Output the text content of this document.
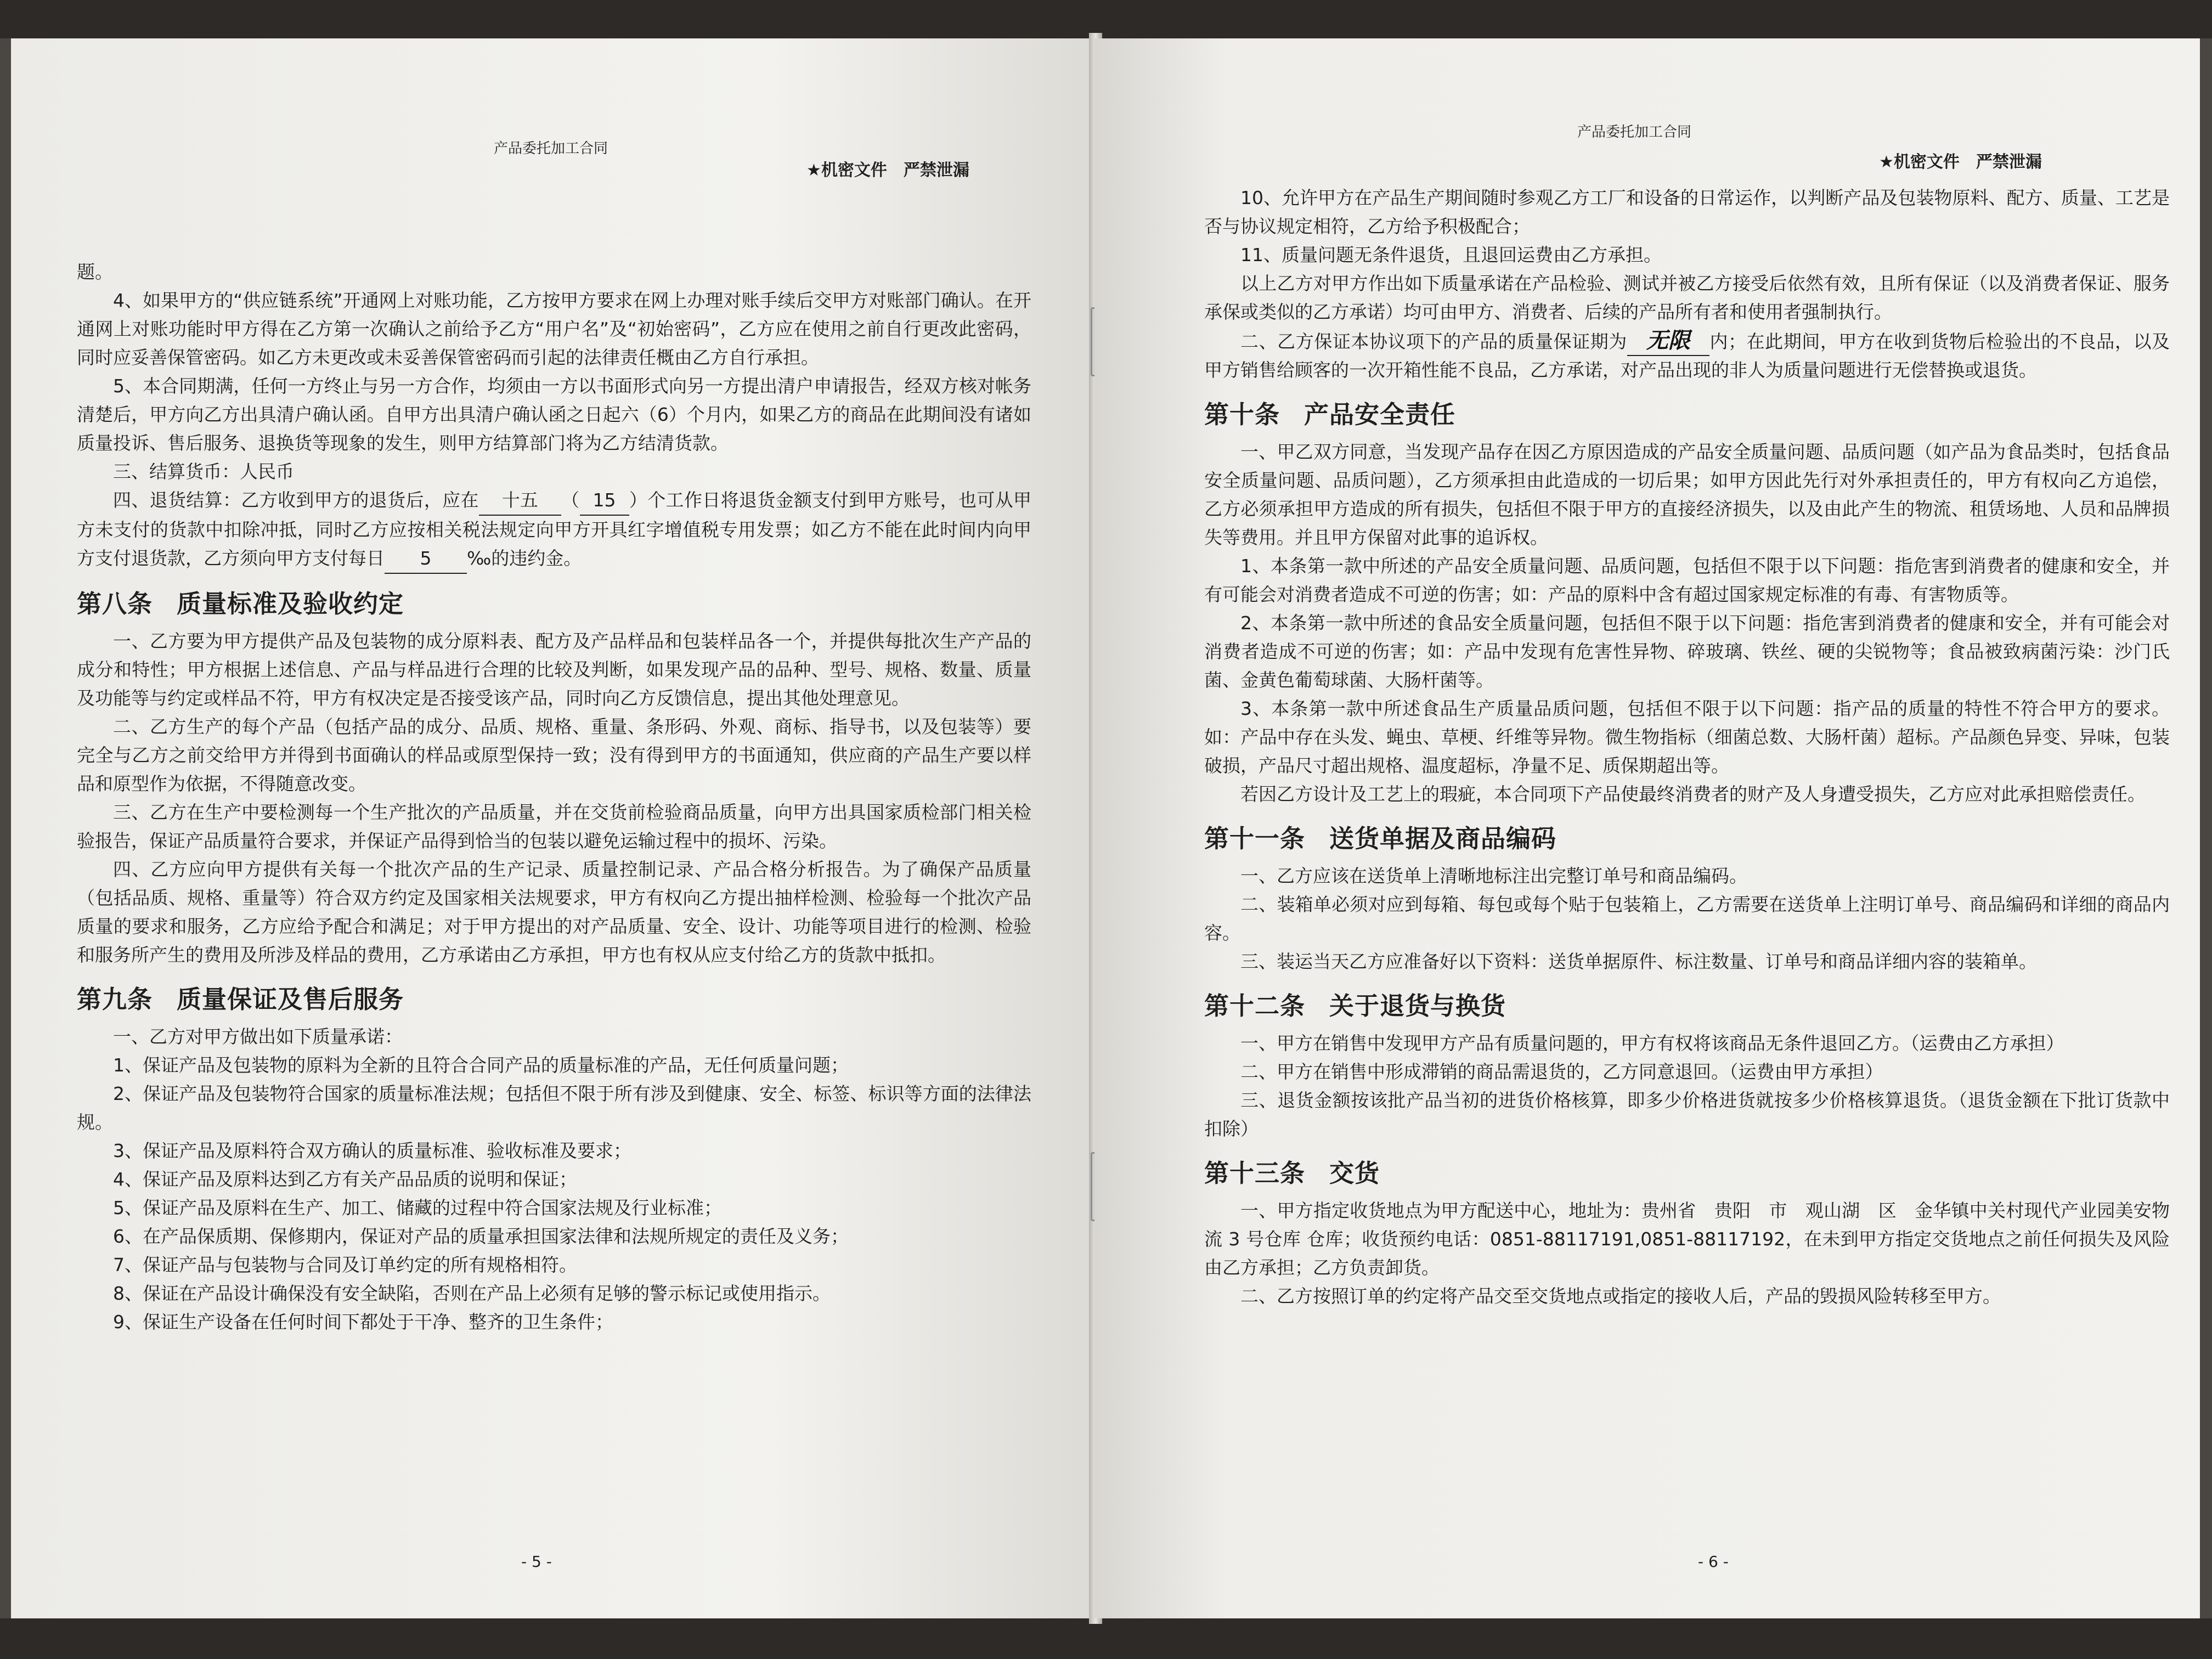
产品委托加工合同
★机密文件　严禁泄漏

题。

4、如果甲方的“供应链系统”开通网上对账功能，乙方按甲方要求在网上办理对账手续后交甲方对账部门确认。在开通网上对账功能时甲方得在乙方第一次确认之前给予乙方“用户名”及“初始密码”，乙方应在使用之前自行更改此密码，同时应妥善保管密码。如乙方未更改或未妥善保管密码而引起的法律责任概由乙方自行承担。

5、本合同期满，任何一方终止与另一方合作，均须由一方以书面形式向另一方提出清户申请报告，经双方核对帐务清楚后，甲方向乙方出具清户确认函。自甲方出具清户确认函之日起六（6）个月内，如果乙方的商品在此期间没有诸如质量投诉、售后服务、退换货等现象的发生，则甲方结算部门将为乙方结清货款。

三、结算货币：人民币

四、退货结算：乙方收到甲方的退货后，应在 十五 （ 15 ）个工作日将退货金额支付到甲方账号，也可从甲方未支付的货款中扣除冲抵，同时乙方应按相关税法规定向甲方开具红字增值税专用发票；如乙方不能在此时间内向甲方支付退货款，乙方须向甲方支付每日 5 ‰的违约金。

第八条 质量标准及验收约定

一、乙方要为甲方提供产品及包装物的成分原料表、配方及产品样品和包装样品各一个，并提供每批次生产产品的成分和特性；甲方根据上述信息、产品与样品进行合理的比较及判断，如果发现产品的品种、型号、规格、数量、质量及功能等与约定或样品不符，甲方有权决定是否接受该产品，同时向乙方反馈信息，提出其他处理意见。

二、乙方生产的每个产品（包括产品的成分、品质、规格、重量、条形码、外观、商标、指导书，以及包装等）要完全与乙方之前交给甲方并得到书面确认的样品或原型保持一致；没有得到甲方的书面通知，供应商的产品生产要以样品和原型作为依据，不得随意改变。

三、乙方在生产中要检测每一个生产批次的产品质量，并在交货前检验商品质量，向甲方出具国家质检部门相关检验报告，保证产品质量符合要求，并保证产品得到恰当的包装以避免运输过程中的损坏、污染。

四、乙方应向甲方提供有关每一个批次产品的生产记录、质量控制记录、产品合格分析报告。为了确保产品质量（包括品质、规格、重量等）符合双方约定及国家相关法规要求，甲方有权向乙方提出抽样检测、检验每一个批次产品质量的要求和服务，乙方应给予配合和满足；对于甲方提出的对产品质量、安全、设计、功能等项目进行的检测、检验和服务所产生的费用及所涉及样品的费用，乙方承诺由乙方承担，甲方也有权从应支付给乙方的货款中抵扣。

第九条 质量保证及售后服务

一、乙方对甲方做出如下质量承诺：

1、保证产品及包装物的原料为全新的且符合合同产品的质量标准的产品，无任何质量问题；

2、保证产品及包装物符合国家的质量标准法规；包括但不限于所有涉及到健康、安全、标签、标识等方面的法律法规。

3、保证产品及原料符合双方确认的质量标准、验收标准及要求；

4、保证产品及原料达到乙方有关产品品质的说明和保证；

5、保证产品及原料在生产、加工、储藏的过程中符合国家法规及行业标准；

6、在产品保质期、保修期内，保证对产品的质量承担国家法律和法规所规定的责任及义务；

7、保证产品与包装物与合同及订单约定的所有规格相符。

8、保证在产品设计确保没有安全缺陷，否则在产品上必须有足够的警示标记或使用指示。

9、保证生产设备在任何时间下都处于干净、整齐的卫生条件；

- 5 -
产品委托加工合同
★机密文件　严禁泄漏

10、允许甲方在产品生产期间随时参观乙方工厂和设备的日常运作，以判断产品及包装物原料、配方、质量、工艺是否与协议规定相符，乙方给予积极配合；

11、质量问题无条件退货，且退回运费由乙方承担。

以上乙方对甲方作出如下质量承诺在产品检验、测试并被乙方接受后依然有效，且所有保证（以及消费者保证、服务承保或类似的乙方承诺）均可由甲方、消费者、后续的产品所有者和使用者强制执行。

二、乙方保证本协议项下的产品的质量保证期为 无限 内；在此期间，甲方在收到货物后检验出的不良品，以及甲方销售给顾客的一次开箱性能不良品，乙方承诺，对产品出现的非人为质量问题进行无偿替换或退货。

第十条 产品安全责任

一、甲乙双方同意，当发现产品存在因乙方原因造成的产品安全质量问题、品质问题（如产品为食品类时，包括食品安全质量问题、品质问题），乙方须承担由此造成的一切后果；如甲方因此先行对外承担责任的，甲方有权向乙方追偿，乙方必须承担甲方造成的所有损失，包括但不限于甲方的直接经济损失，以及由此产生的物流、租赁场地、人员和品牌损失等费用。并且甲方保留对此事的追诉权。

1、本条第一款中所述的产品安全质量问题、品质问题，包括但不限于以下问题：指危害到消费者的健康和安全，并有可能会对消费者造成不可逆的伤害；如：产品的原料中含有超过国家规定标准的有毒、有害物质等。

2、本条第一款中所述的食品安全质量问题，包括但不限于以下问题：指危害到消费者的健康和安全，并有可能会对消费者造成不可逆的伤害；如：产品中发现有危害性异物、碎玻璃、铁丝、硬的尖锐物等；食品被致病菌污染：沙门氏菌、金黄色葡萄球菌、大肠杆菌等。

3、本条第一款中所述食品生产质量品质问题，包括但不限于以下问题：指产品的质量的特性不符合甲方的要求。如：产品中存在头发、蝇虫、草梗、纤维等异物。微生物指标（细菌总数、大肠杆菌）超标。产品颜色异变、异味，包装破损，产品尺寸超出规格、温度超标，净量不足、质保期超出等。

若因乙方设计及工艺上的瑕疵，本合同项下产品使最终消费者的财产及人身遭受损失，乙方应对此承担赔偿责任。

第十一条 送货单据及商品编码

一、乙方应该在送货单上清晰地标注出完整订单号和商品编码。

二、装箱单必须对应到每箱、每包或每个贴于包装箱上，乙方需要在送货单上注明订单号、商品编码和详细的商品内容。

三、装运当天乙方应准备好以下资料：送货单据原件、标注数量、订单号和商品详细内容的装箱单。

第十二条 关于退货与换货

一、甲方在销售中发现甲方产品有质量问题的，甲方有权将该商品无条件退回乙方。（运费由乙方承担）

二、甲方在销售中形成滞销的商品需退货的，乙方同意退回。（运费由甲方承担）

三、退货金额按该批产品当初的进货价格核算，即多少价格进货就按多少价格核算退货。（退货金额在下批订货款中扣除）

第十三条 交货

一、甲方指定收货地点为甲方配送中心，地址为：贵州省　贵阳　市　观山湖　区　金华镇中关村现代产业园美安物流 3 号仓库 仓库；收货预约电话：0851-88117191,0851-88117192，在未到甲方指定交货地点之前任何损失及风险由乙方承担；乙方负责卸货。

二、乙方按照订单的约定将产品交至交货地点或指定的接收人后，产品的毁损风险转移至甲方。

- 6 -
